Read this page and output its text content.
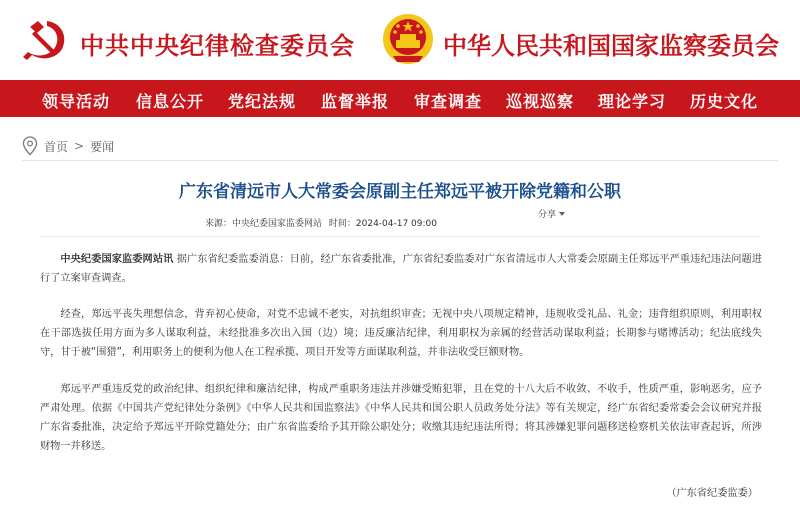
中共中央纪律检查委员会	中华人民共和国国家监察委员会
领导活动 信息公开 党纪法规 监督举报 审查调查 巡视巡察 理论学习 历史文化
首页 > 要闻
广东省清远市人大常委会原副主任郑远平被开除党籍和公职
来源：中央纪委国家监委网站 时间：2024-04-17 09:00
分享

中央纪委国家监委网站讯 据广东省纪委监委消息：日前，经广东省委批准，广东省纪委监委对广东省清远市人大常委会原副主任郑远平严重违纪违法问题进行了立案审查调查。

经查，郑远平丧失理想信念，背弃初心使命，对党不忠诚不老实，对抗组织审查；无视中央八项规定精神，违规收受礼品、礼金；违背组织原则，利用职权在干部选拔任用方面为多人谋取利益，未经批准多次出入国（边）境；违反廉洁纪律，利用职权为亲属的经营活动谋取利益；长期参与赌博活动；纪法底线失守，甘于被“围猎”，利用职务上的便利为他人在工程承揽、项目开发等方面谋取利益，并非法收受巨额财物。

郑远平严重违反党的政治纪律、组织纪律和廉洁纪律，构成严重职务违法并涉嫌受贿犯罪，且在党的十八大后不收敛、不收手，性质严重，影响恶劣，应予严肃处理。依据《中国共产党纪律处分条例》《中华人民共和国监察法》《中华人民共和国公职人员政务处分法》等有关规定，经广东省纪委常委会会议研究并报广东省委批准，决定给予郑远平开除党籍处分；由广东省监委给予其开除公职处分；收缴其违纪违法所得；将其涉嫌犯罪问题移送检察机关依法审查起诉，所涉财物一并移送。

（广东省纪委监委）
